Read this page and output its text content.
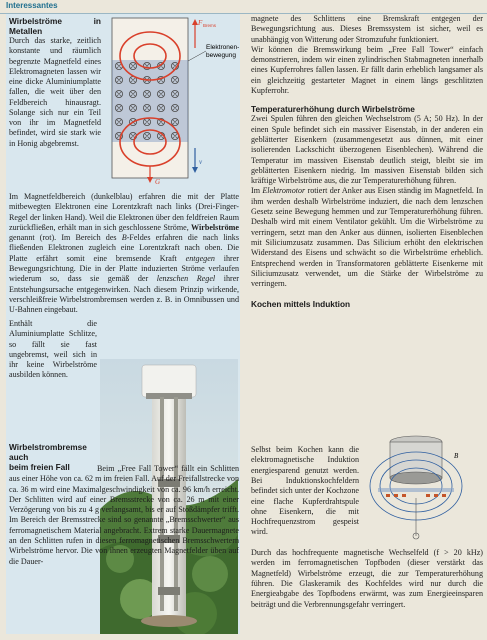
Interessantes

Wirbelströme in Metallen

Durch das starke, zeitlich konstante und räumlich begrenzte Magnetfeld eines Elektromagneten lassen wir eine dicke Aluminiumplatte fallen, die weit über den Feldbereich hinausragt. Solange sich nur ein Teil von ihr im Magnetfeld befindet, wird sie stark wie in Honig abgebremst.

Elektronen-
bewegung
F Brems
v
G

Im Magnetfeldbereich (dunkelblau) erfahren die mit der Platte mitbewegten Elektronen eine Lorentzkraft nach links (Drei-Finger-Regel der linken Hand). Weil die Elektronen über den feldfreien Raum zurückfließen, erhält man in sich geschlossene Ströme, Wirbelströme genannt (rot). Im Bereich des B-Feldes erfahren die nach links fließenden Elektronen zugleich eine Lorentzkraft nach oben. Die Platte erfährt somit eine bremsende Kraft entgegen ihrer Bewegungsrichtung. Die in der Platte induzierten Ströme verlaufen wiederum so, dass sie gemäß der lenzschen Regel ihrer Entstehungsursache entgegenwirken. Nach diesem Prinzip wirkende, verschleißfreie Wirbelstrombremsen werden z. B. in Omnibussen und U-Bahnen eingebaut.

Enthält die Aluminiumplatte Schlitze, so fällt sie fast ungebremst, weil sich in ihr keine Wirbelströme ausbilden können.

Wirbelstrombremse auch

beim freien Fall	Beim „Free Fall Tower“ fällt ein Schlitten aus einer Höhe von ca. 62 m im freien Fall. Auf der Freifallstrecke von ca. 36 m wird eine Maximalgeschwindigkeit von ca. 96 km/h erreicht. Der Schlitten wird auf einer Bremsstrecke von ca. 26 m mit einer Verzögerung von bis zu 4 g verlangsamt, bis er auf Stoßdämpfer trifft. Im Bereich der Bremsstrecke sind so genannte „Bremsschwerter“ aus ferromagnetischem Material angebracht. Extrem starke Dauermagnete an den Schlitten rufen in diesen ferromagnetischen Bremsschwertern Wirbelströme hervor. Die von ihnen erzeugten Magnetfelder üben auf die Dauer-

magnete des Schlittens eine Bremskraft entgegen der Bewegungsrichtung aus. Dieses Bremssystem ist sicher, weil es unabhängig von Witterung oder Stromzufuhr funktioniert.

Wir können die Bremswirkung beim „Free Fall Tower“ einfach demonstrieren, indem wir einen zylindrischen Stabmagneten innerhalb eines Kupferrohres fallen lassen. Er fällt darin erheblich langsamer als ein gleichzeitig gestarteter Magnet in einem längs geschlitzten Kupferrohr.

Temperaturerhöhung durch Wirbelströme

Zwei Spulen führen den gleichen Wechselstrom (5 A; 50 Hz). In der einen Spule befindet sich ein massiver Eisenstab, in der anderen ein geblätterter Eisenkern (zusammengesetzt aus dünnen, mit einer isolierenden Lackschicht überzogenen Eisenblechen). Während die Temperatur im massiven Eisenstab deutlich steigt, bleibt sie im geblätterten Eisenkern niedrig. Im massiven Eisenstab bilden sich kräftige Wirbelströme aus, die zur Temperaturerhöhung führen.

Im Elektromotor rotiert der Anker aus Eisen ständig im Magnetfeld. In ihm werden deshalb Wirbelströme induziert, die nach dem lenzschen Gesetz seine Bewegung hemmen und zur Temperaturerhöhung führen. Deshalb wird mit einem Ventilator gekühlt. Um die Wirbelströme zu verringern, setzt man den Anker aus dünnen, isolierten Eisenblechen mit Siliciumzusatz zusammen. Das Silicium erhöht den elektrischen Widerstand des Eisens und schwächt so die Wirbelströme erheblich. Entsprechend werden in Transformatoren geblätterte Eisenkerne mit Siliciumzusatz verwendet, um die Stärke der Wirbelströme zu verringern.

Kochen mittels Induktion

Selbst beim Kochen kann die elektromagnetische Induktion energiesparend genutzt werden. Bei Induktionskochfeldern befindet sich unter der Kochzone eine flache Kupferdrahtspule ohne Eisenkern, die mit Hochfrequenzstrom gespeist wird.

B

Durch das hochfrequente magnetische Wechselfeld (f > 20 kHz) werden im ferromagnetischen Topfboden (dieser verstärkt das Magnetfeld) Wirbelströme erzeugt, die zur Temperaturerhöhung führen. Die Glaskeramik des Kochfeldes wird nur durch die Energieabgabe des Topfbodens erwärmt, was zum Energieeinsparen beiträgt und die Verbrennungsgefahr verringert.
